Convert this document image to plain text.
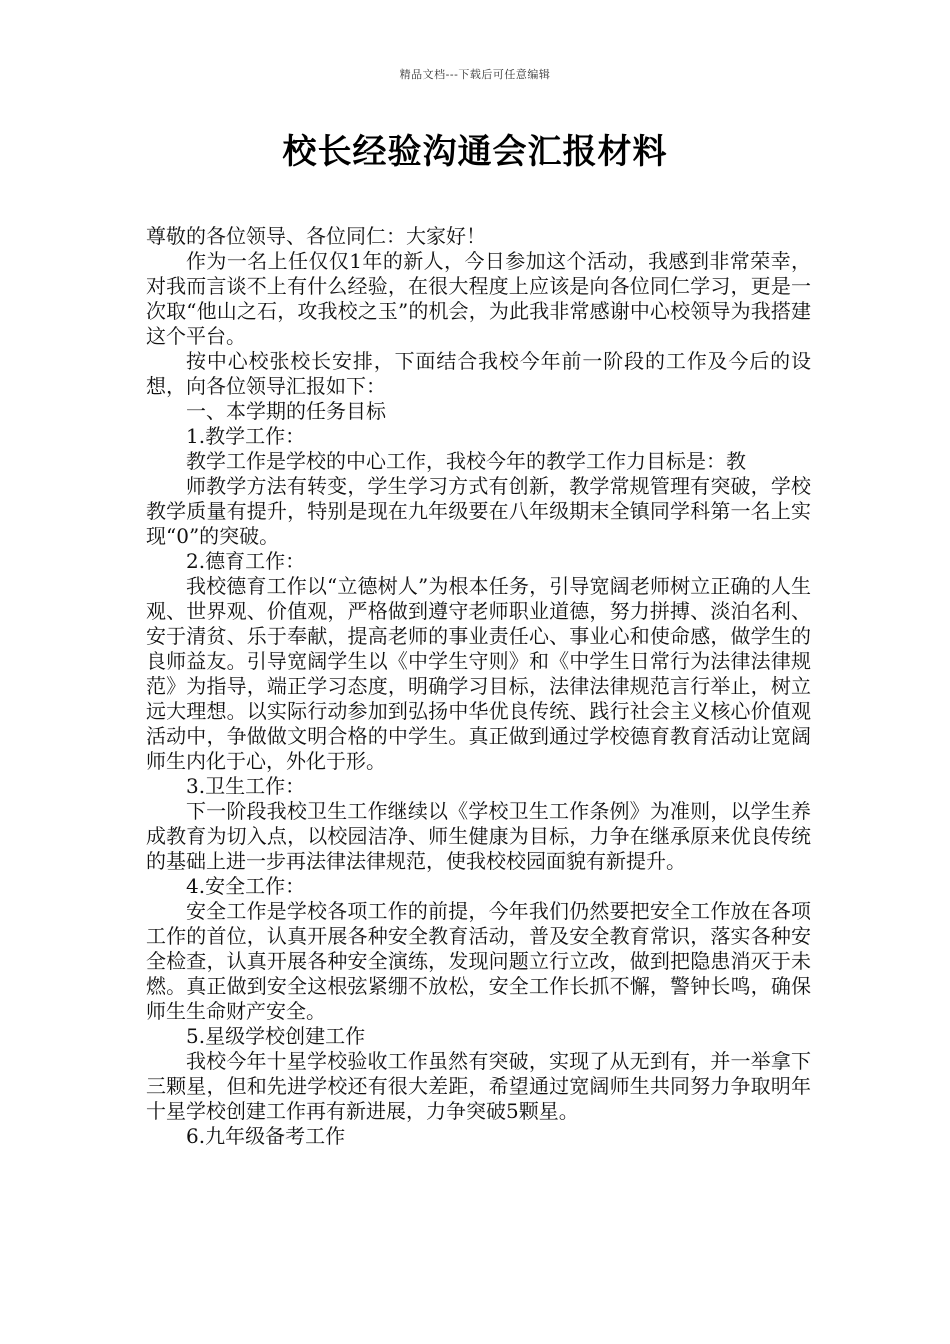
精品文档---下载后可任意编辑
校长经验沟通会汇报材料

尊敬的各位领导、各位同仁：大家好！

作为一名上任仅仅1年的新人，今日参加这个活动，我感到非常荣幸，对我而言谈不上有什么经验，在很大程度上应该是向各位同仁学习，更是一次取“他山之石，攻我校之玉”的机会，为此我非常感谢中心校领导为我搭建这个平台。

按中心校张校长安排，下面结合我校今年前一阶段的工作及今后的设想，向各位领导汇报如下：

一、本学期的任务目标

1.教学工作：

教学工作是学校的中心工作，我校今年的教学工作力目标是：教

师教学方法有转变，学生学习方式有创新，教学常规管理有突破，学校教学质量有提升，特别是现在九年级要在八年级期末全镇同学科第一名上实现“0”的突破。

2.德育工作：

我校德育工作以“立德树人”为根本任务，引导宽阔老师树立正确的人生观、世界观、价值观，严格做到遵守老师职业道德，努力拼搏、淡泊名利、安于清贫、乐于奉献，提高老师的事业责任心、事业心和使命感，做学生的良师益友。引导宽阔学生以《中学生守则》和《中学生日常行为法律法律规范》为指导，端正学习态度，明确学习目标，法律法律规范言行举止，树立远大理想。以实际行动参加到弘扬中华优良传统、践行社会主义核心价值观活动中，争做做文明合格的中学生。真正做到通过学校德育教育活动让宽阔师生内化于心，外化于形。

3.卫生工作：

下一阶段我校卫生工作继续以《学校卫生工作条例》为准则，以学生养成教育为切入点，以校园洁净、师生健康为目标，力争在继承原来优良传统的基础上进一步再法律法律规范，使我校校园面貌有新提升。

4.安全工作：

安全工作是学校各项工作的前提，今年我们仍然要把安全工作放在各项工作的首位，认真开展各种安全教育活动，普及安全教育常识，落实各种安全检查，认真开展各种安全演练，发现问题立行立改，做到把隐患消灭于未燃。真正做到安全这根弦紧绷不放松，安全工作长抓不懈，警钟长鸣，确保师生生命财产安全。

5.星级学校创建工作

我校今年十星学校验收工作虽然有突破，实现了从无到有，并一举拿下三颗星，但和先进学校还有很大差距，希望通过宽阔师生共同努力争取明年十星学校创建工作再有新进展，力争突破5颗星。

6.九年级备考工作
